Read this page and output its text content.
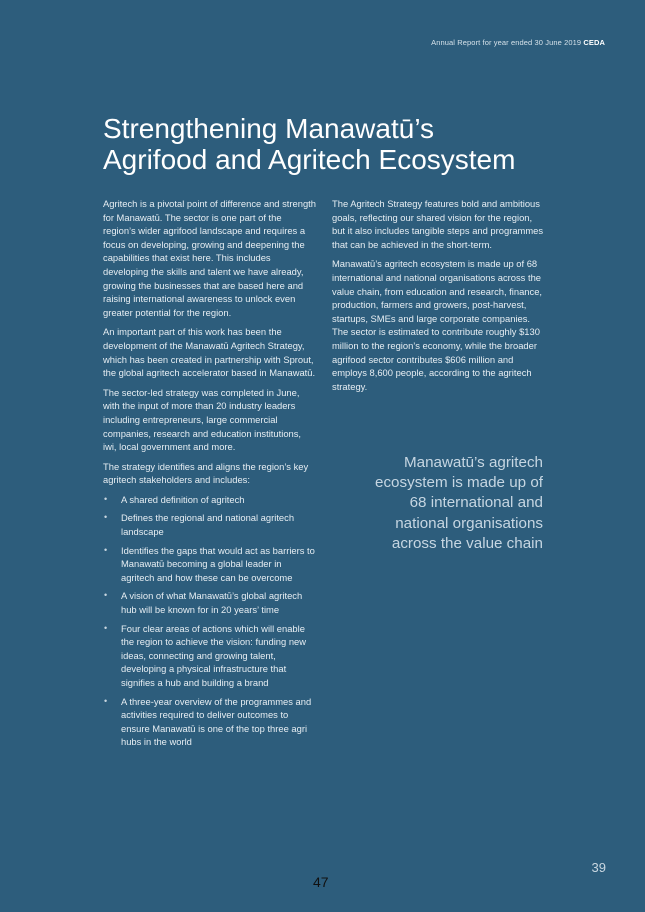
Annual Report for year ended 30 June 2019 CEDA
Strengthening Manawatū’s
Agrifood and Agritech Ecosystem

Agritech is a pivotal point of difference and strength for Manawatū. The sector is one part of the region’s wider agrifood landscape and requires a focus on developing, growing and deepening the capabilities that exist here. This includes developing the skills and talent we have already, growing the businesses that are based here and raising international awareness to unlock even greater potential for the region.

An important part of this work has been the development of the Manawatū Agritech Strategy, which has been created in partnership with Sprout, the global agritech accelerator based in Manawatū.

The sector-led strategy was completed in June, with the input of more than 20 industry leaders including entrepreneurs, large commercial companies, research and education institutions, iwi, local government and more.

The strategy identifies and aligns the region’s key agritech stakeholders and includes:

• A shared definition of agritech
• Defines the regional and national agritech landscape
• Identifies the gaps that would act as barriers to Manawatū becoming a global leader in agritech and how these can be overcome
• A vision of what Manawatū’s global agritech hub will be known for in 20 years’ time
• Four clear areas of actions which will enable the region to achieve the vision: funding new ideas, connecting and growing talent, developing a physical infrastructure that signifies a hub and building a brand
• A three-year overview of the programmes and activities required to deliver outcomes to ensure Manawatū is one of the top three agri hubs in the world

The Agritech Strategy features bold and ambitious goals, reflecting our shared vision for the region, but it also includes tangible steps and programmes that can be achieved in the short-term.

Manawatū’s agritech ecosystem is made up of 68 international and national organisations across the value chain, from education and research, finance, production, farmers and growers, post-harvest, startups, SMEs and large corporate companies. The sector is estimated to contribute roughly $130 million to the region’s economy, while the broader agrifood sector contributes $606 million and employs 8,600 people, according to the agritech strategy.

Manawatū’s agritech ecosystem is made up of 68 international and national organisations across the value chain
39
47
